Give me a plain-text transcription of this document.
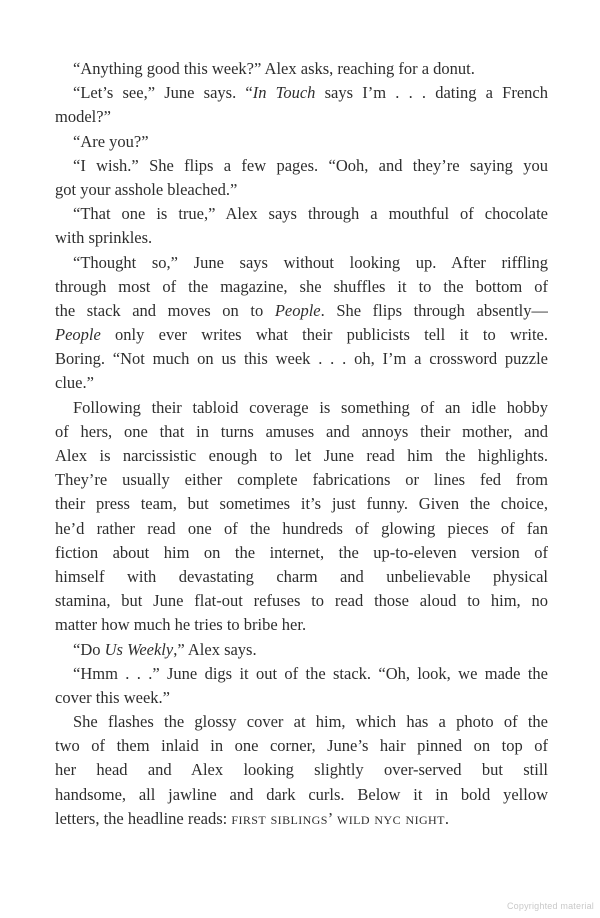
“Anything good this week?” Alex asks, reaching for a donut.
“Let’s see,” June says. “In Touch says I’m . . . dating a French
model?”
“Are you?”
“I wish.” She flips a few pages. “Ooh, and they’re saying you
got your asshole bleached.”
“That one is true,” Alex says through a mouthful of chocolate
with sprinkles.
“Thought so,” June says without looking up. After riffling
through most of the magazine, she shuffles it to the bottom of
the stack and moves on to People. She flips through absently—
People only ever writes what their publicists tell it to write.
Boring. “Not much on us this week . . . oh, I’m a crossword puzzle
clue.”
Following their tabloid coverage is something of an idle hobby
of hers, one that in turns amuses and annoys their mother, and
Alex is narcissistic enough to let June read him the highlights.
They’re usually either complete fabrications or lines fed from
their press team, but sometimes it’s just funny. Given the choice,
he’d rather read one of the hundreds of glowing pieces of fan
fiction about him on the internet, the up-to-eleven version of
himself with devastating charm and unbelievable physical
stamina, but June flat-out refuses to read those aloud to him, no
matter how much he tries to bribe her.
“Do Us Weekly,” Alex says.
“Hmm . . .” June digs it out of the stack. “Oh, look, we made the
cover this week.”
She flashes the glossy cover at him, which has a photo of the
two of them inlaid in one corner, June’s hair pinned on top of
her head and Alex looking slightly over-served but still
handsome, all jawline and dark curls. Below it in bold yellow
letters, the headline reads: first siblings’ wild nyc night.
Copyrighted material
